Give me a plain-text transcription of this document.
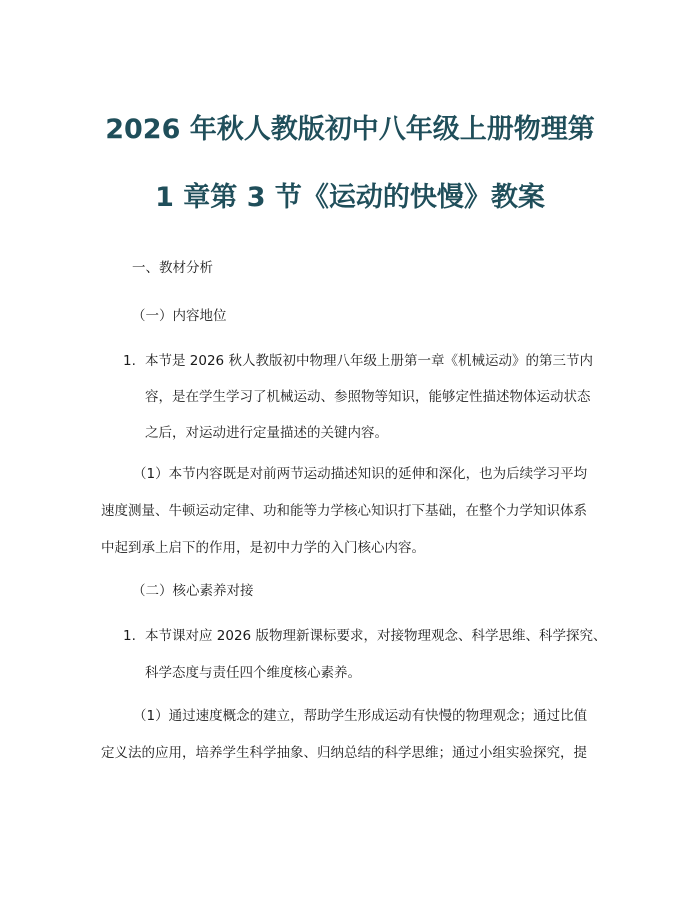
2026 年秋人教版初中八年级上册物理第
1 章第 3 节《运动的快慢》教案
一、教材分析
（一）内容地位
1. 本节是 2026 秋人教版初中物理八年级上册第一章《机械运动》的第三节内
容，是在学生学习了机械运动、参照物等知识，能够定性描述物体运动状态
之后，对运动进行定量描述的关键内容。
（1）本节内容既是对前两节运动描述知识的延伸和深化，也为后续学习平均
速度测量、牛顿运动定律、功和能等力学核心知识打下基础，在整个力学知识体系
中起到承上启下的作用，是初中力学的入门核心内容。
（二）核心素养对接
1. 本节课对应 2026 版物理新课标要求，对接物理观念、科学思维、科学探究、
科学态度与责任四个维度核心素养。
（1）通过速度概念的建立，帮助学生形成运动有快慢的物理观念；通过比值
定义法的应用，培养学生科学抽象、归纳总结的科学思维；通过小组实验探究，提
